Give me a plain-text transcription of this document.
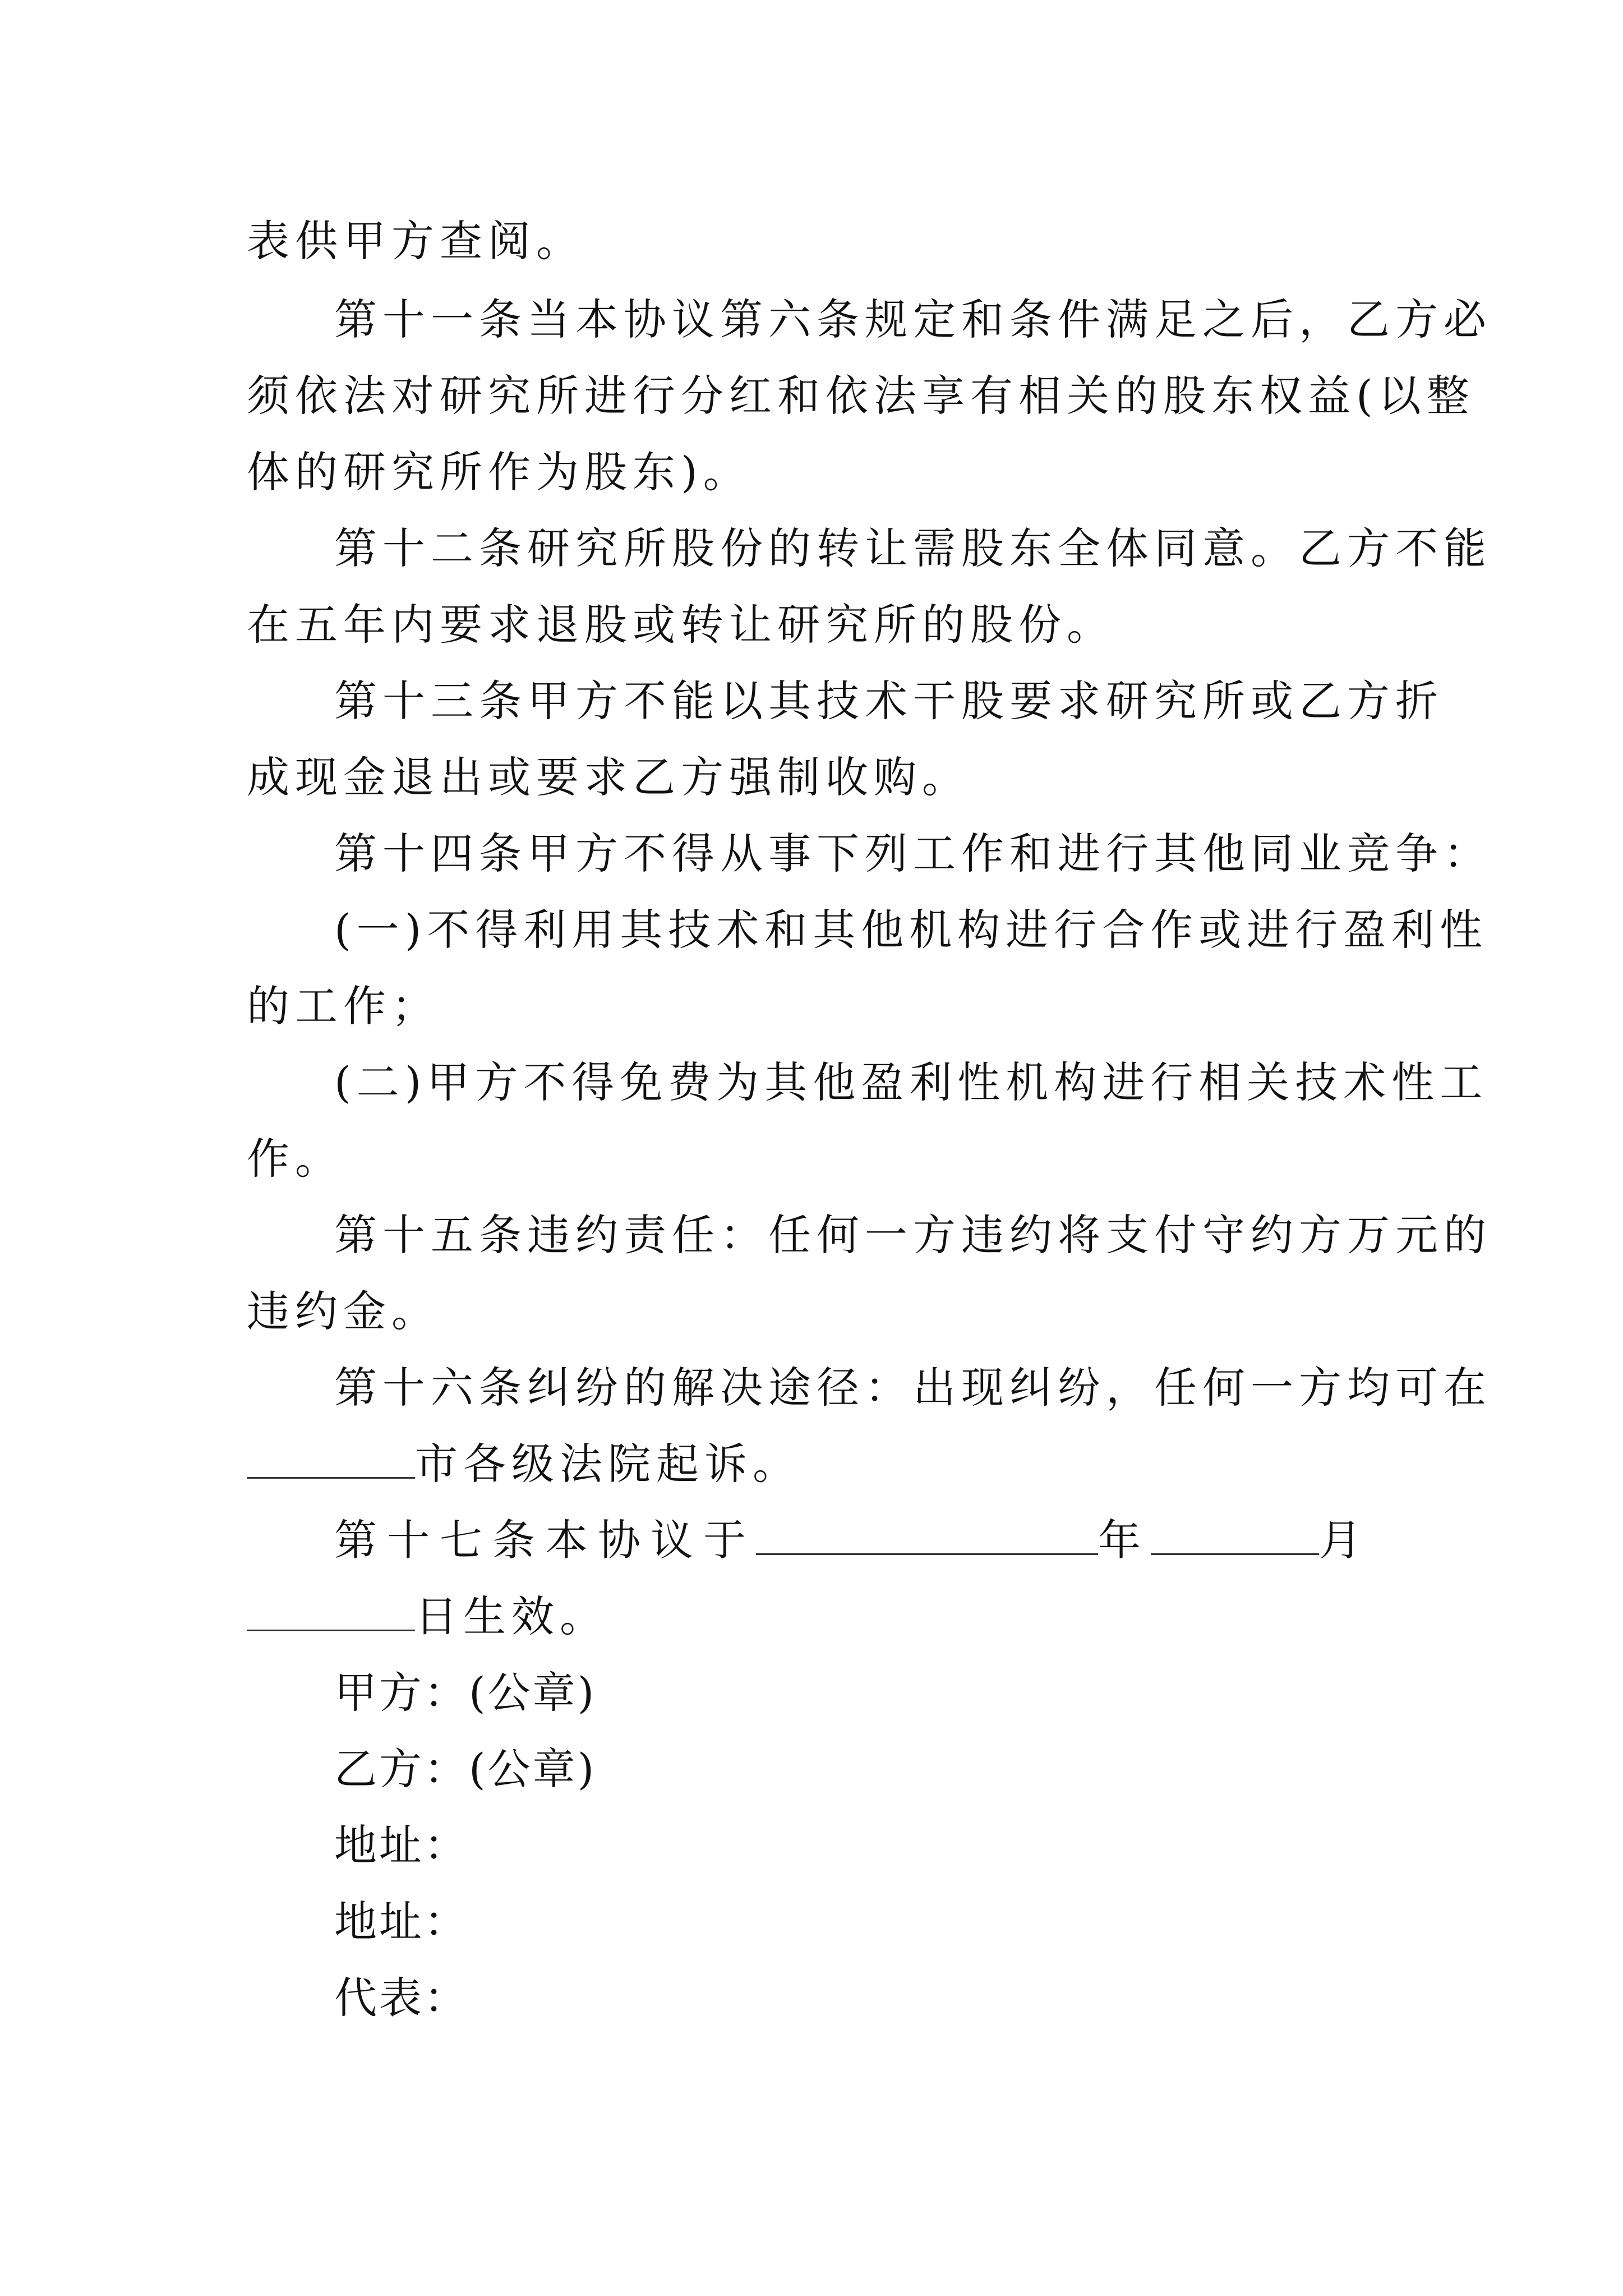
表供甲方查阅。
第十一条当本协议第六条规定和条件满足之后，乙方必
须依法对研究所进行分红和依法享有相关的股东权益(以整
体的研究所作为股东)。
第十二条研究所股份的转让需股东全体同意。乙方不能
在五年内要求退股或转让研究所的股份。
第十三条甲方不能以其技术干股要求研究所或乙方折
成现金退出或要求乙方强制收购。
第十四条甲方不得从事下列工作和进行其他同业竞争：
(一)不得利用其技术和其他机构进行合作或进行盈利性
的工作；
(二)甲方不得免费为其他盈利性机构进行相关技术性工
作。
第十五条违约责任：任何一方违约将支付守约方万元的
违约金。
第十六条纠纷的解决途径：出现纠纷，任何一方均可在
市各级法院起诉。
第十七条本协议于	年	月
日生效。
甲方：(公章)
乙方：(公章)
地址：
地址：
代表：
